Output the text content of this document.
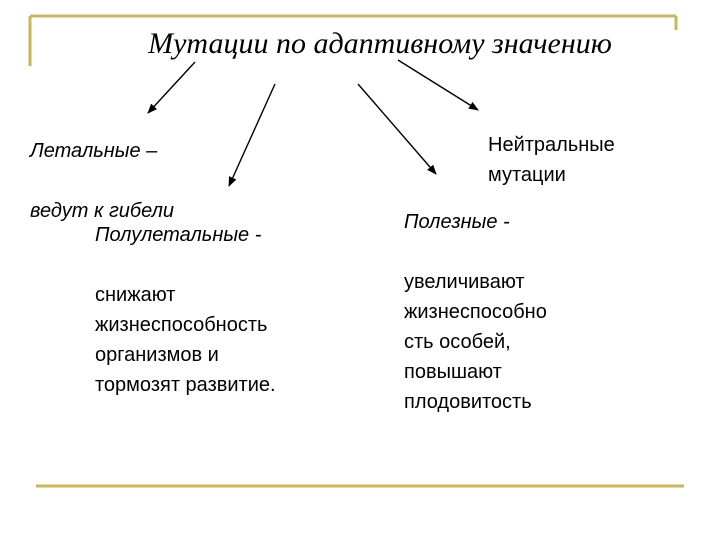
Мутации по адаптивному значению

Летальные –

ведут к гибели

Полулетальные -

снижают
жизнеспособность
организмов и
тормозят развитие.

Нейтральные
мутации

Полезные -

увеличивают
жизнеспособно
сть особей,
повышают
плодовитость
